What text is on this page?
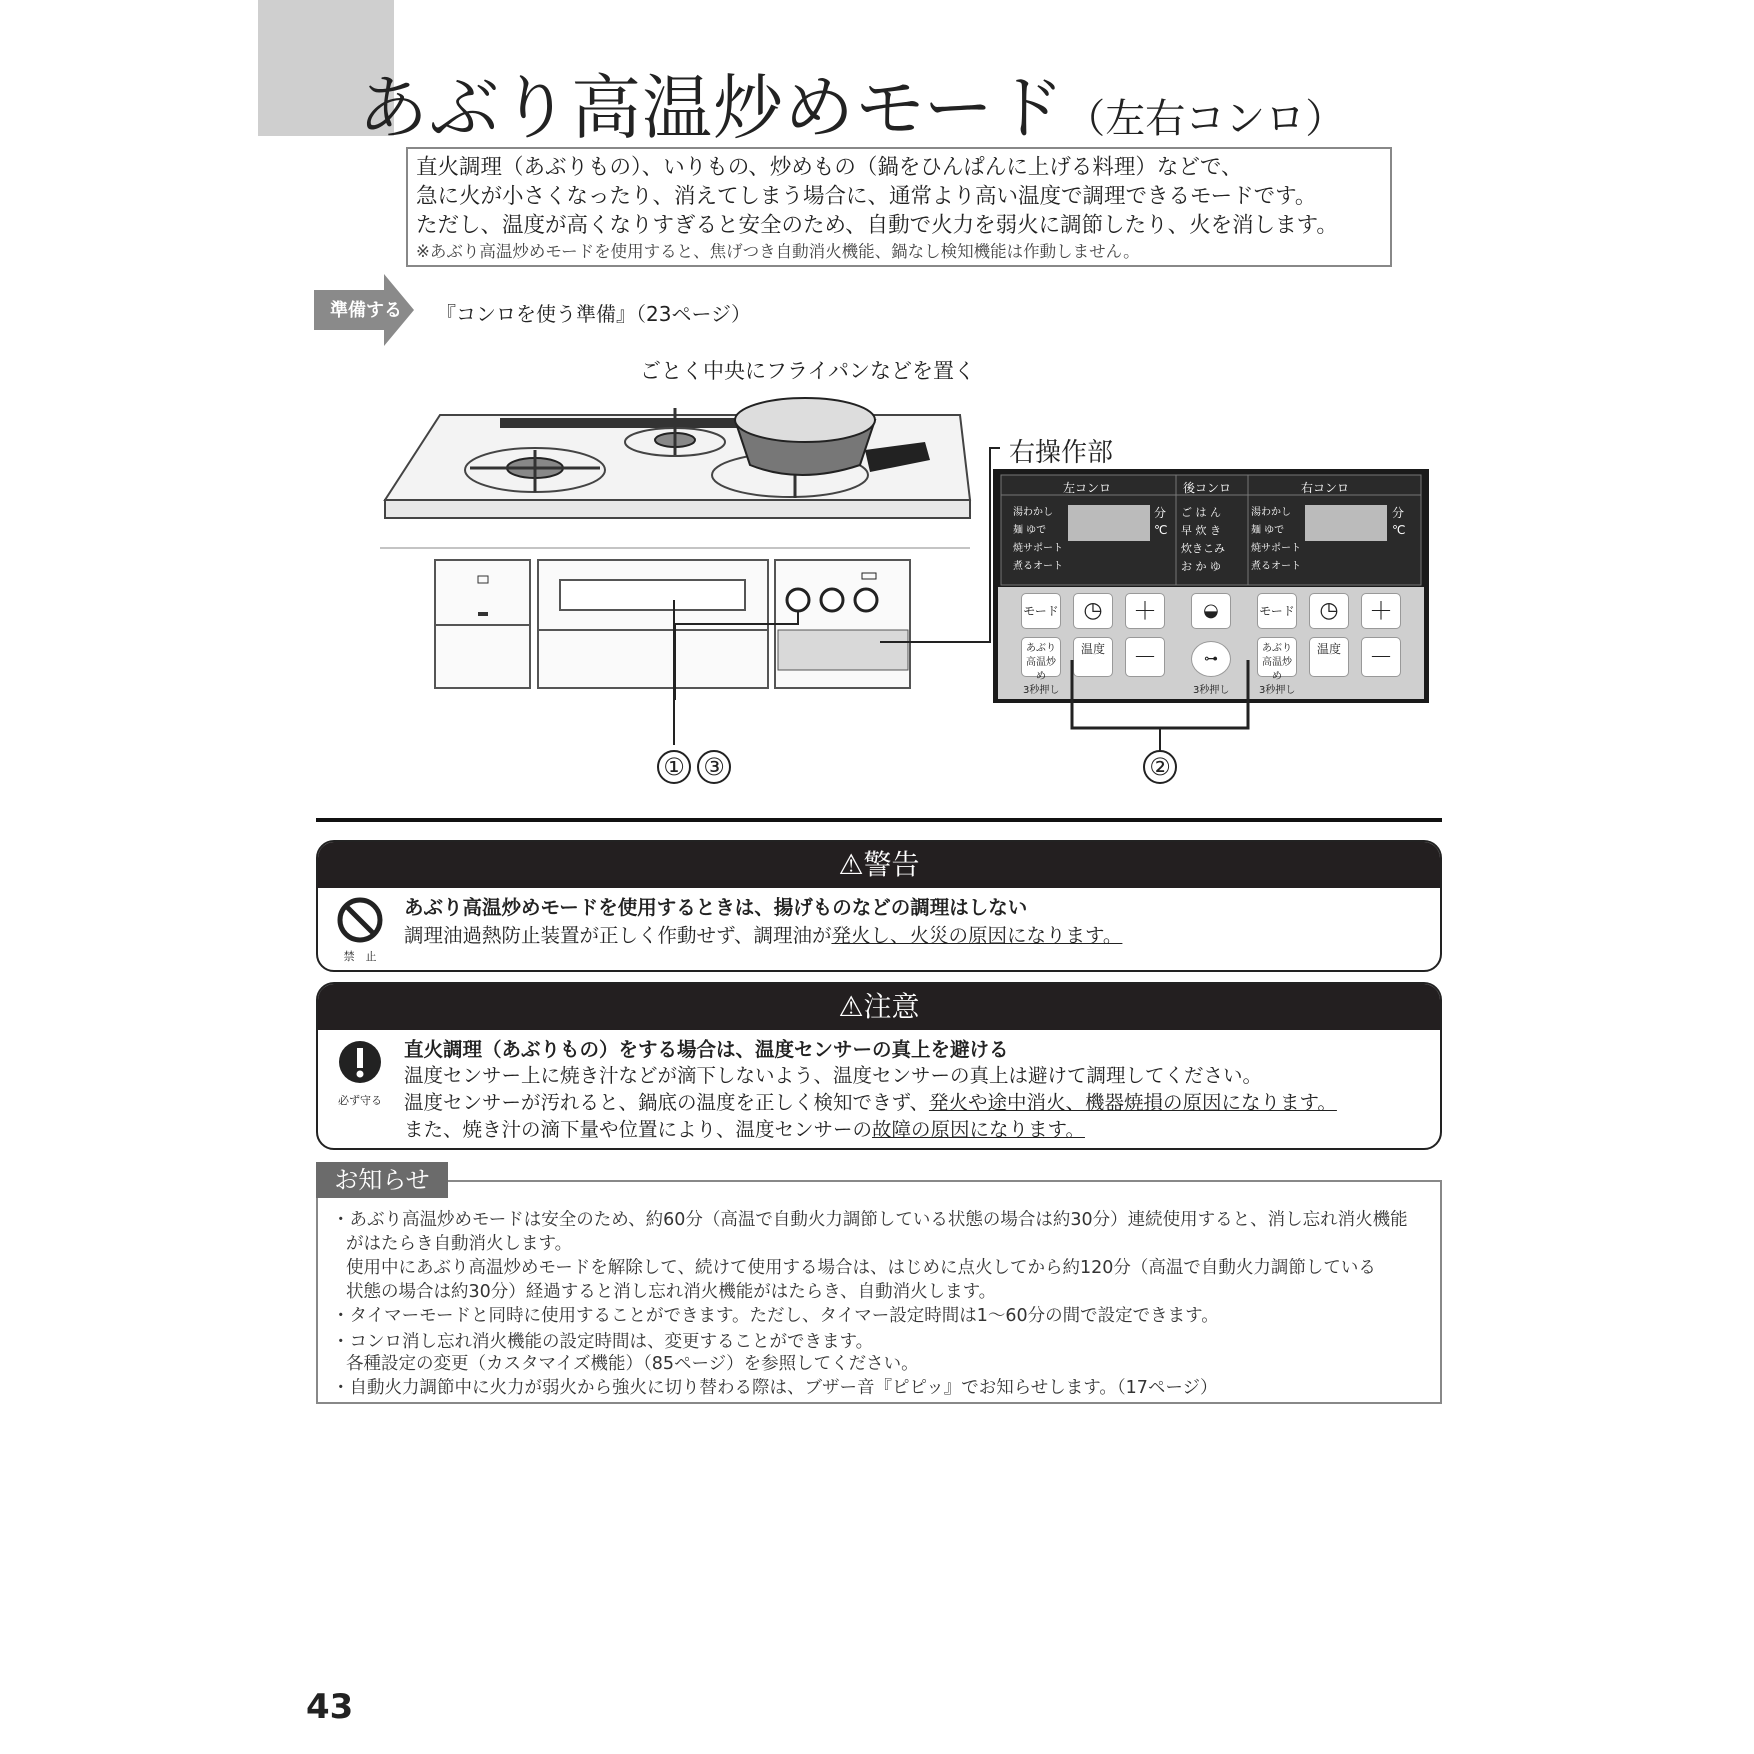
あぶり高温炒めモード（左右コンロ）
直火調理（あぶりもの）、いりもの、炒めもの（鍋をひんぱんに上げる料理）などで、
急に火が小さくなったり、消えてしまう場合に、通常より高い温度で調理できるモードです。
ただし、温度が高くなりすぎると安全のため、自動で火力を弱火に調節したり、火を消します。
※あぶり高温炒めモードを使用すると、焦げつき自動消火機能、鍋なし検知機能は作動しません。
準備する 『コンロを使う準備』（23ページ）
ごとく中央にフライパンなどを置く
① ③
右操作部
左コンロ	後コンロ	右コンロ
湯わかし
麺 ゆで
焼サポート
煮るオート
ご は ん
早 炊 き
炊きこみ
お か ゆ
湯わかし
麺 ゆで
焼サポート
煮るオート
分
℃
分
℃
モード	◷	＋
あぶり
高温炒め
温度	－
3秒押し
◒
⊶
3秒押し
モード	◷	＋
あぶり
高温炒め
温度	－
3秒押し
②
⚠警告
禁　止
あぶり高温炒めモードを使用するときは、揚げものなどの調理はしない
調理油過熱防止装置が正しく作動せず、調理油が発火し、火災の原因になります。
⚠注意
必ず守る
直火調理（あぶりもの）をする場合は、温度センサーの真上を避ける
温度センサー上に焼き汁などが滴下しないよう、温度センサーの真上は避けて調理してください。
温度センサーが汚れると、鍋底の温度を正しく検知できず、発火や途中消火、機器焼損の原因になります。
また、焼き汁の滴下量や位置により、温度センサーの故障の原因になります。
・あぶり高温炒めモードは安全のため、約60分（高温で自動火力調節している状態の場合は約30分）連続使用すると、消し忘れ消火機能
がはたらき自動消火します。
使用中にあぶり高温炒めモードを解除して、続けて使用する場合は、はじめに点火してから約120分（高温で自動火力調節している
状態の場合は約30分）経過すると消し忘れ消火機能がはたらき、自動消火します。
・タイマーモードと同時に使用することができます。ただし、タイマー設定時間は1～60分の間で設定できます。
・コンロ消し忘れ消火機能の設定時間は、変更することができます。
各種設定の変更（カスタマイズ機能）（85ページ）を参照してください。
・自動火力調節中に火力が弱火から強火に切り替わる際は、ブザー音『ピピッ』でお知らせします。（17ページ）
お知らせ
43
